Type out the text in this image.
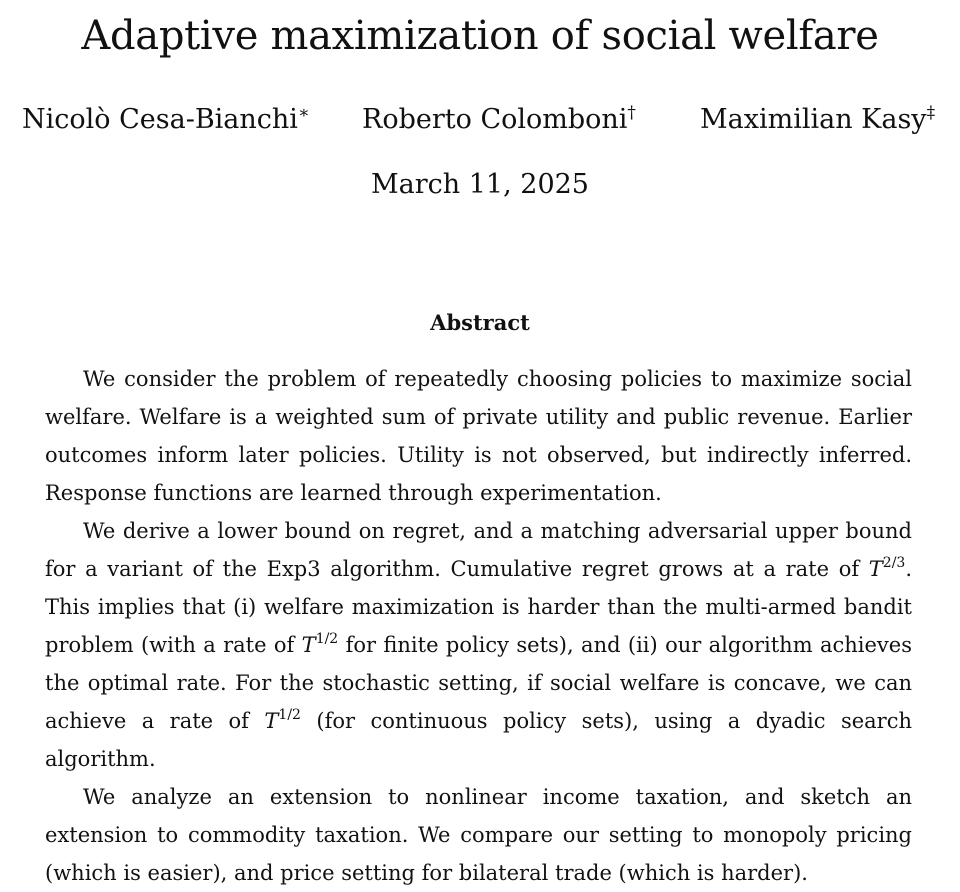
Adaptive maximization of social welfare
Nicolò Cesa-Bianchi∗ Roberto Colomboni† Maximilian Kasy‡
March 11, 2025
Abstract

We consider the problem of repeatedly choosing policies to maximize social welfare. Welfare is a weighted sum of private utility and public revenue. Earlier outcomes inform later policies. Utility is not observed, but indirectly inferred. Response functions are learned through experimentation.

We derive a lower bound on regret, and a matching adversarial upper bound for a variant of the Exp3 algorithm. Cumulative regret grows at a rate of $T^{2/3}$. This implies that (i) welfare maximization is harder than the multi-armed bandit problem (with a rate of $T^{1/2}$ for finite policy sets), and (ii) our algorithm achieves the optimal rate. For the stochastic setting, if social welfare is concave, we can achieve a rate of $T^{1/2}$ (for continuous policy sets), using a dyadic search algorithm.

We analyze an extension to nonlinear income taxation, and sketch an extension to commodity taxation. We compare our setting to monopoly pricing (which is easier), and price setting for bilateral trade (which is harder).
